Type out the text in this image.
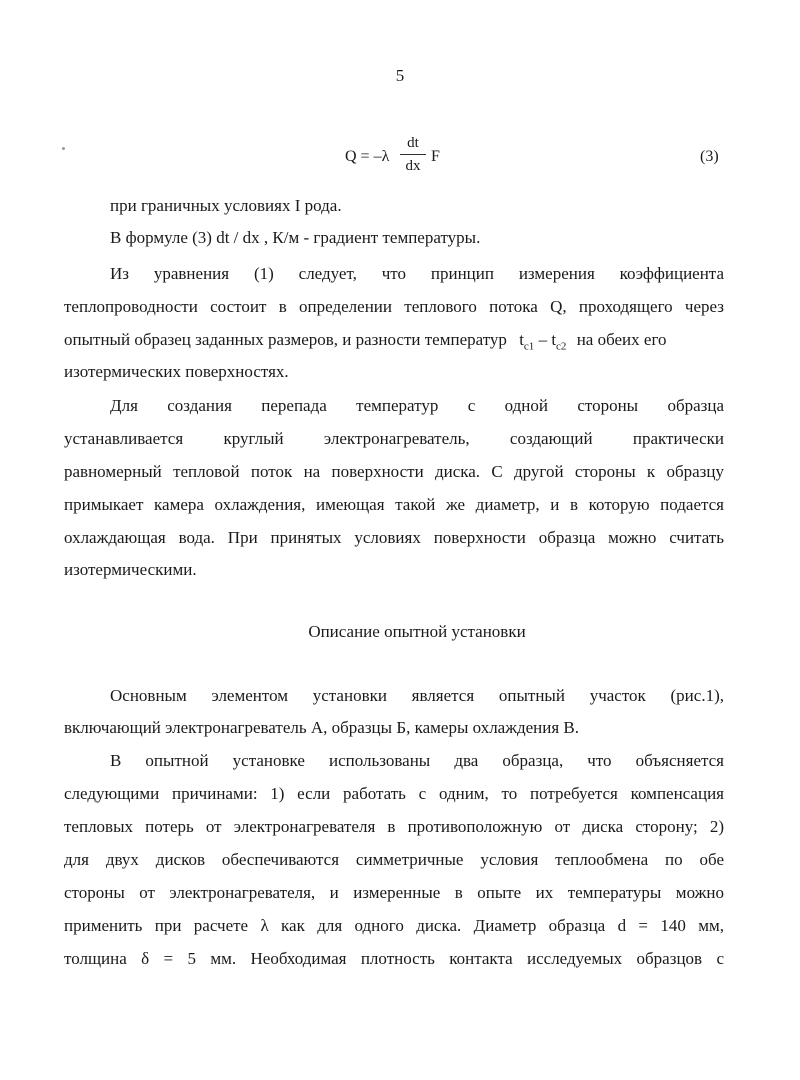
5
Q = –λ
dt
dx
F	(3)
при граничных условиях I рода.
В формуле (3) dt / dx , К/м - градиент температуры.
Из уравнения (1) следует, что принцип измерения коэффициента
теплопроводности состоит в определении теплового потока Q, проходящего через
опытный образец заданных размеров, и разности температур $t_{c1} - t_{c2}$ на обеих его
изотермических поверхностях.
Для создания перепада температур с одной стороны образца
устанавливается круглый электронагреватель, создающий практически
равномерный тепловой поток на поверхности диска. С другой стороны к образцу
примыкает камера охлаждения, имеющая такой же диаметр, и в которую подается
охлаждающая вода. При принятых условиях поверхности образца можно считать
изотермическими.
Описание опытной установки
Основным элементом установки является опытный участок (рис.1),
включающий электронагреватель А, образцы Б, камеры охлаждения В.
В опытной установке использованы два образца, что объясняется
следующими причинами: 1) если работать с одним, то потребуется компенсация
тепловых потерь от электронагревателя в противоположную от диска сторону; 2)
для двух дисков обеспечиваются симметричные условия теплообмена по обе
стороны от электронагревателя, и измеренные в опыте их температуры можно
применить при расчете λ как для одного диска. Диаметр образца d = 140 мм,
толщина δ = 5 мм. Необходимая плотность контакта исследуемых образцов с
